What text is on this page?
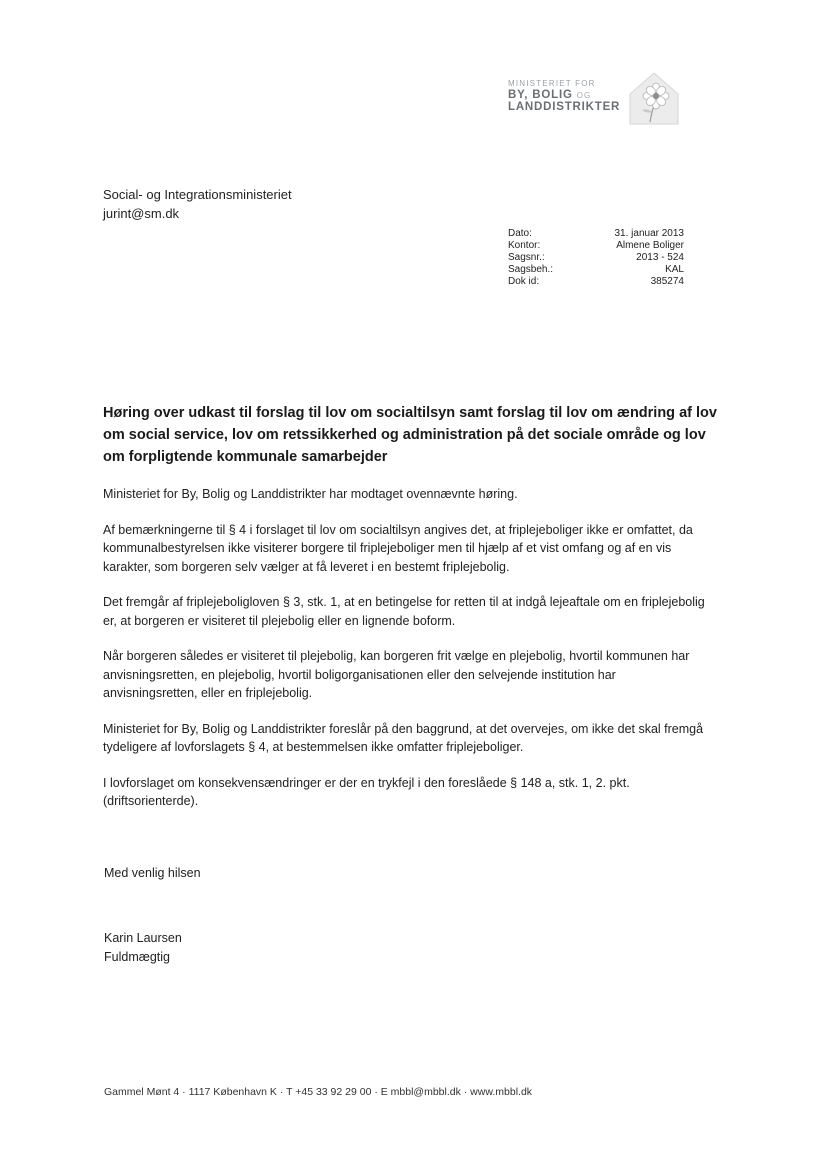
MINISTERIET FOR
BY, BOLIG OG
LANDDISTRIKTER
Social- og Integrationsministeriet
jurint@sm.dk
Dato:	31. januar 2013
Kontor:	Almene Boliger
Sagsnr.:	2013 - 524
Sagsbeh.:	KAL
Dok id:	385274
Høring over udkast til forslag til lov om socialtilsyn samt forslag til lov om ændring af lov om social service, lov om retssikkerhed og administration på det sociale område og lov om forpligtende kommunale samarbejder

Ministeriet for By, Bolig og Landdistrikter har modtaget ovennævnte høring.

Af bemærkningerne til § 4 i forslaget til lov om socialtilsyn angives det, at friplejeboliger ikke er omfattet, da kommunalbestyrelsen ikke visiterer borgere til friplejeboliger men til hjælp af et vist omfang og af en vis karakter, som borgeren selv vælger at få leveret i en bestemt friplejebolig.

Det fremgår af friplejeboligloven § 3, stk. 1, at en betingelse for retten til at indgå lejeaftale om en friplejebolig er, at borgeren er visiteret til plejebolig eller en lignende boform.

Når borgeren således er visiteret til plejebolig, kan borgeren frit vælge en plejebolig, hvortil kommunen har anvisningsretten, en plejebolig, hvortil boligorganisationen eller den selvejende institution har anvisningsretten, eller en friplejebolig.

Ministeriet for By, Bolig og Landdistrikter foreslår på den baggrund, at det overvejes, om ikke det skal fremgå tydeligere af lovforslagets § 4, at bestemmelsen ikke omfatter friplejeboliger.

I lovforslaget om konsekvensændringer er der en trykfejl i den foreslåede § 148 a, stk. 1, 2. pkt. (driftsorienterde).

Med venlig hilsen
Karin Laursen
Fuldmægtig
Gammel Mønt 4 · 1117 København K · T +45 33 92 29 00 · E mbbl@mbbl.dk · www.mbbl.dk
